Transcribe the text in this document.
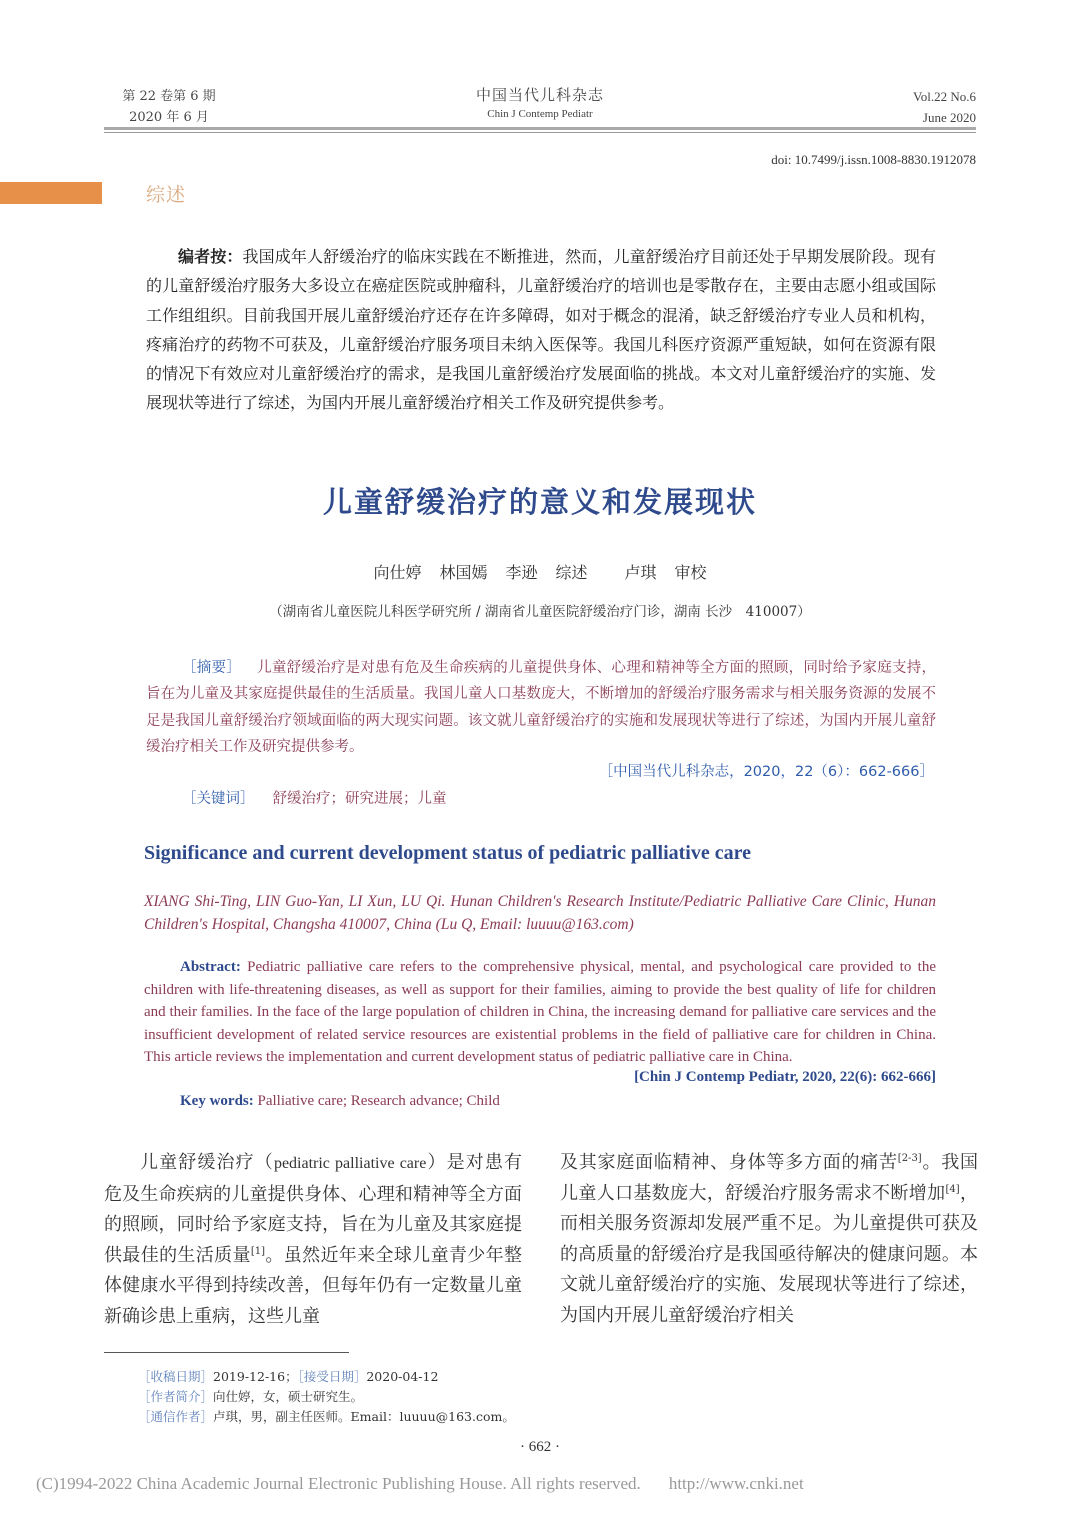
第 22 卷第 6 期
2020 年 6 月
中国当代儿科杂志
Chin J Contemp Pediatr
Vol.22 No.6
June 2020
doi: 10.7499/j.issn.1008-8830.1912078
综述
编者按：我国成年人舒缓治疗的临床实践在不断推进，然而，儿童舒缓治疗目前还处于早期发展阶段。现有的儿童舒缓治疗服务大多设立在癌症医院或肿瘤科，儿童舒缓治疗的培训也是零散存在，主要由志愿小组或国际工作组组织。目前我国开展儿童舒缓治疗还存在许多障碍，如对于概念的混淆，缺乏舒缓治疗专业人员和机构，疼痛治疗的药物不可获及，儿童舒缓治疗服务项目未纳入医保等。我国儿科医疗资源严重短缺，如何在资源有限的情况下有效应对儿童舒缓治疗的需求，是我国儿童舒缓治疗发展面临的挑战。本文对儿童舒缓治疗的实施、发展现状等进行了综述，为国内开展儿童舒缓治疗相关工作及研究提供参考。
儿童舒缓治疗的意义和发展现状
向仕婷 林国嫣 李逊 综述 卢琪 审校
（湖南省儿童医院儿科医学研究所 / 湖南省儿童医院舒缓治疗门诊，湖南 长沙　410007）
［摘要］ 儿童舒缓治疗是对患有危及生命疾病的儿童提供身体、心理和精神等全方面的照顾，同时给予家庭支持，旨在为儿童及其家庭提供最佳的生活质量。我国儿童人口基数庞大，不断增加的舒缓治疗服务需求与相关服务资源的发展不足是我国儿童舒缓治疗领域面临的两大现实问题。该文就儿童舒缓治疗的实施和发展现状等进行了综述，为国内开展儿童舒缓治疗相关工作及研究提供参考。
［中国当代儿科杂志，2020，22（6）：662-666］
［关键词］ 舒缓治疗；研究进展；儿童
Significance and current development status of pediatric palliative care
XIANG Shi-Ting, LIN Guo-Yan, LI Xun, LU Qi. Hunan Children's Research Institute/Pediatric Palliative Care Clinic, Hunan Children's Hospital, Changsha 410007, China (Lu Q, Email: luuuu@163.com)
Abstract: Pediatric palliative care refers to the comprehensive physical, mental, and psychological care provided to the children with life-threatening diseases, as well as support for their families, aiming to provide the best quality of life for children and their families. In the face of the large population of children in China, the increasing demand for palliative care services and the insufficient development of related service resources are existential problems in the field of palliative care for children in China. This article reviews the implementation and current development status of pediatric palliative care in China.
[Chin J Contemp Pediatr, 2020, 22(6): 662-666]
Key words: Palliative care; Research advance; Child
儿童舒缓治疗（pediatric palliative care）是对患有危及生命疾病的儿童提供身体、心理和精神等全方面的照顾，同时给予家庭支持，旨在为儿童及其家庭提供最佳的生活质量[1]。虽然近年来全球儿童青少年整体健康水平得到持续改善，但每年仍有一定数量儿童新确诊患上重病，这些儿童
及其家庭面临精神、身体等多方面的痛苦[2-3]。我国儿童人口基数庞大，舒缓治疗服务需求不断增加[4]，而相关服务资源却发展严重不足。为儿童提供可获及的高质量的舒缓治疗是我国亟待解决的健康问题。本文就儿童舒缓治疗的实施、发展现状等进行了综述，为国内开展儿童舒缓治疗相关
［收稿日期］2019-12-16；［接受日期］2020-04-12
［作者简介］向仕婷，女，硕士研究生。
［通信作者］卢琪，男，副主任医师。Email：luuuu@163.com。
· 662 ·
(C)1994-2022 China Academic Journal Electronic Publishing House. All rights reserved. http://www.cnki.net
